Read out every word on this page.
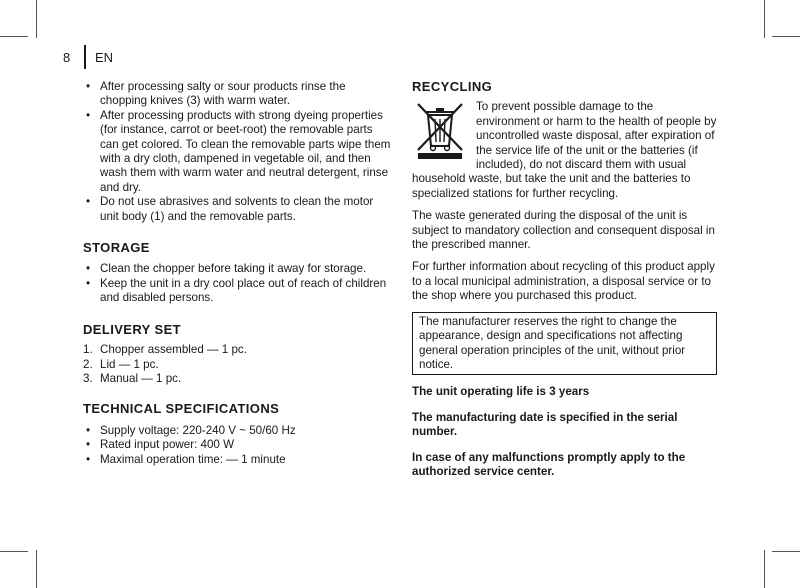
8 EN
• After processing salty or sour products rinse the chopping knives (3) with warm water.
• After processing products with strong dyeing properties (for instance, carrot or beet-root) the removable parts can get colored. To clean the removable parts wipe them with a dry cloth, dampened in vegetable oil, and then wash them with warm water and neutral detergent, rinse and dry.
• Do not use abrasives and solvents to clean the motor unit body (1) and the removable parts.
STORAGE
• Clean the chopper before taking it away for storage.
• Keep the unit in a dry cool place out of reach of children and disabled persons.
DELIVERY SET
1. Chopper assembled — 1 pc.
2. Lid — 1 pc.
3. Manual — 1 pc.
TECHNICAL SPECIFICATIONS
• Supply voltage: 220-240 V ~ 50/60 Hz
• Rated input power: 400 W
• Maximal operation time: — 1 minute
RECYCLING

To prevent possible damage to the environment or harm to the health of people by uncontrolled waste disposal, after expiration of the service life of the unit or the batteries (if included), do not discard them with usual household waste, but take the unit and the batteries to specialized stations for further recycling.

The waste generated during the disposal of the unit is subject to mandatory collection and consequent disposal in the prescribed manner.

For further information about recycling of this product apply to a local municipal administration, a disposal service or to the shop where you purchased this product.

The manufacturer reserves the right to change the appearance, design and specifications not affecting general operation principles of the unit, without prior notice.

The unit operating life is 3 years

The manufacturing date is specified in the serial number.

In case of any malfunctions promptly apply to the authorized service center.
